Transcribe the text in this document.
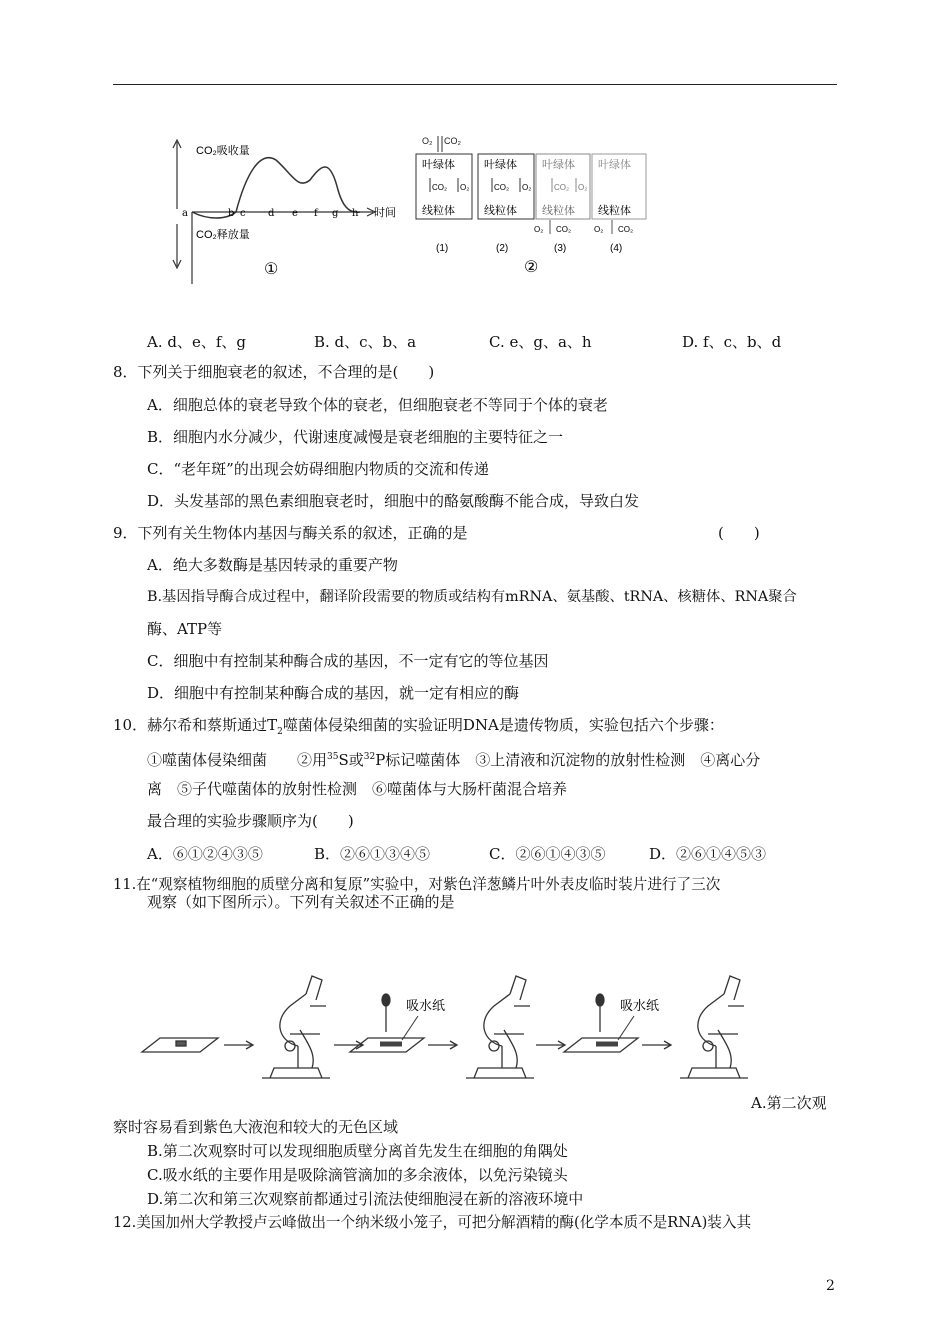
CO₂吸收量
CO₂释放量
a	b c d e f g h 时间
①
O₂ CO₂
叶绿体	叶绿体 叶绿体 叶绿体
线粒体	线粒体 线粒体 线粒体
CO₂ O₂	CO₂ O₂	CO₂ O₂
O₂ CO₂	O₂ CO₂
(1)	(2)	(3)	(4)
②
A. d、e、f、g	B. d、c、b、a	C. e、g、a、h	D. f、c、b、d
8．下列关于细胞衰老的叙述，不合理的是(　　)
A．细胞总体的衰老导致个体的衰老，但细胞衰老不等同于个体的衰老
B．细胞内水分减少，代谢速度减慢是衰老细胞的主要特征之一
C．“老年斑”的出现会妨碍细胞内物质的交流和传递
D．头发基部的黑色素细胞衰老时，细胞中的酪氨酸酶不能合成，导致白发
9．下列有关生物体内基因与酶关系的叙述，正确的是	(　　)
A．绝大多数酶是基因转录的重要产物
B.基因指导酶合成过程中，翻译阶段需要的物质或结构有mRNA、氨基酸、tRNA、核糖体、RNA聚合
酶、ATP等
C．细胞中有控制某种酶合成的基因，不一定有它的等位基因
D．细胞中有控制某种酶合成的基因，就一定有相应的酶
10．赫尔希和蔡斯通过$T_2$噬菌体侵染细菌的实验证明DNA是遗传物质，实验包括六个步骤：
①噬菌体侵染细菌　　②用$^{35}$S或$^{32}$P标记噬菌体　③上清液和沉淀物的放射性检测　④离心分
离　⑤子代噬菌体的放射性检测　⑥噬菌体与大肠杆菌混合培养
最合理的实验步骤顺序为(　　)
A．⑥①②④③⑤	B．②⑥①③④⑤	C．②⑥①④③⑤	D．②⑥①④⑤③
11.在“观察植物细胞的质壁分离和复原”实验中，对紫色洋葱鳞片叶外表皮临时装片进行了三次
观察（如下图所示）。下列有关叙述不正确的是
吸水纸	吸水纸
A.第二次观
察时容易看到紫色大液泡和较大的无色区域
B.第二次观察时可以发现细胞质壁分离首先发生在细胞的角隅处
C.吸水纸的主要作用是吸除滴管滴加的多余液体，以免污染镜头
D.第二次和第三次观察前都通过引流法使细胞浸在新的溶液环境中
12.美国加州大学教授卢云峰做出一个纳米级小笼子，可把分解酒精的酶(化学本质不是RNA)装入其
2
